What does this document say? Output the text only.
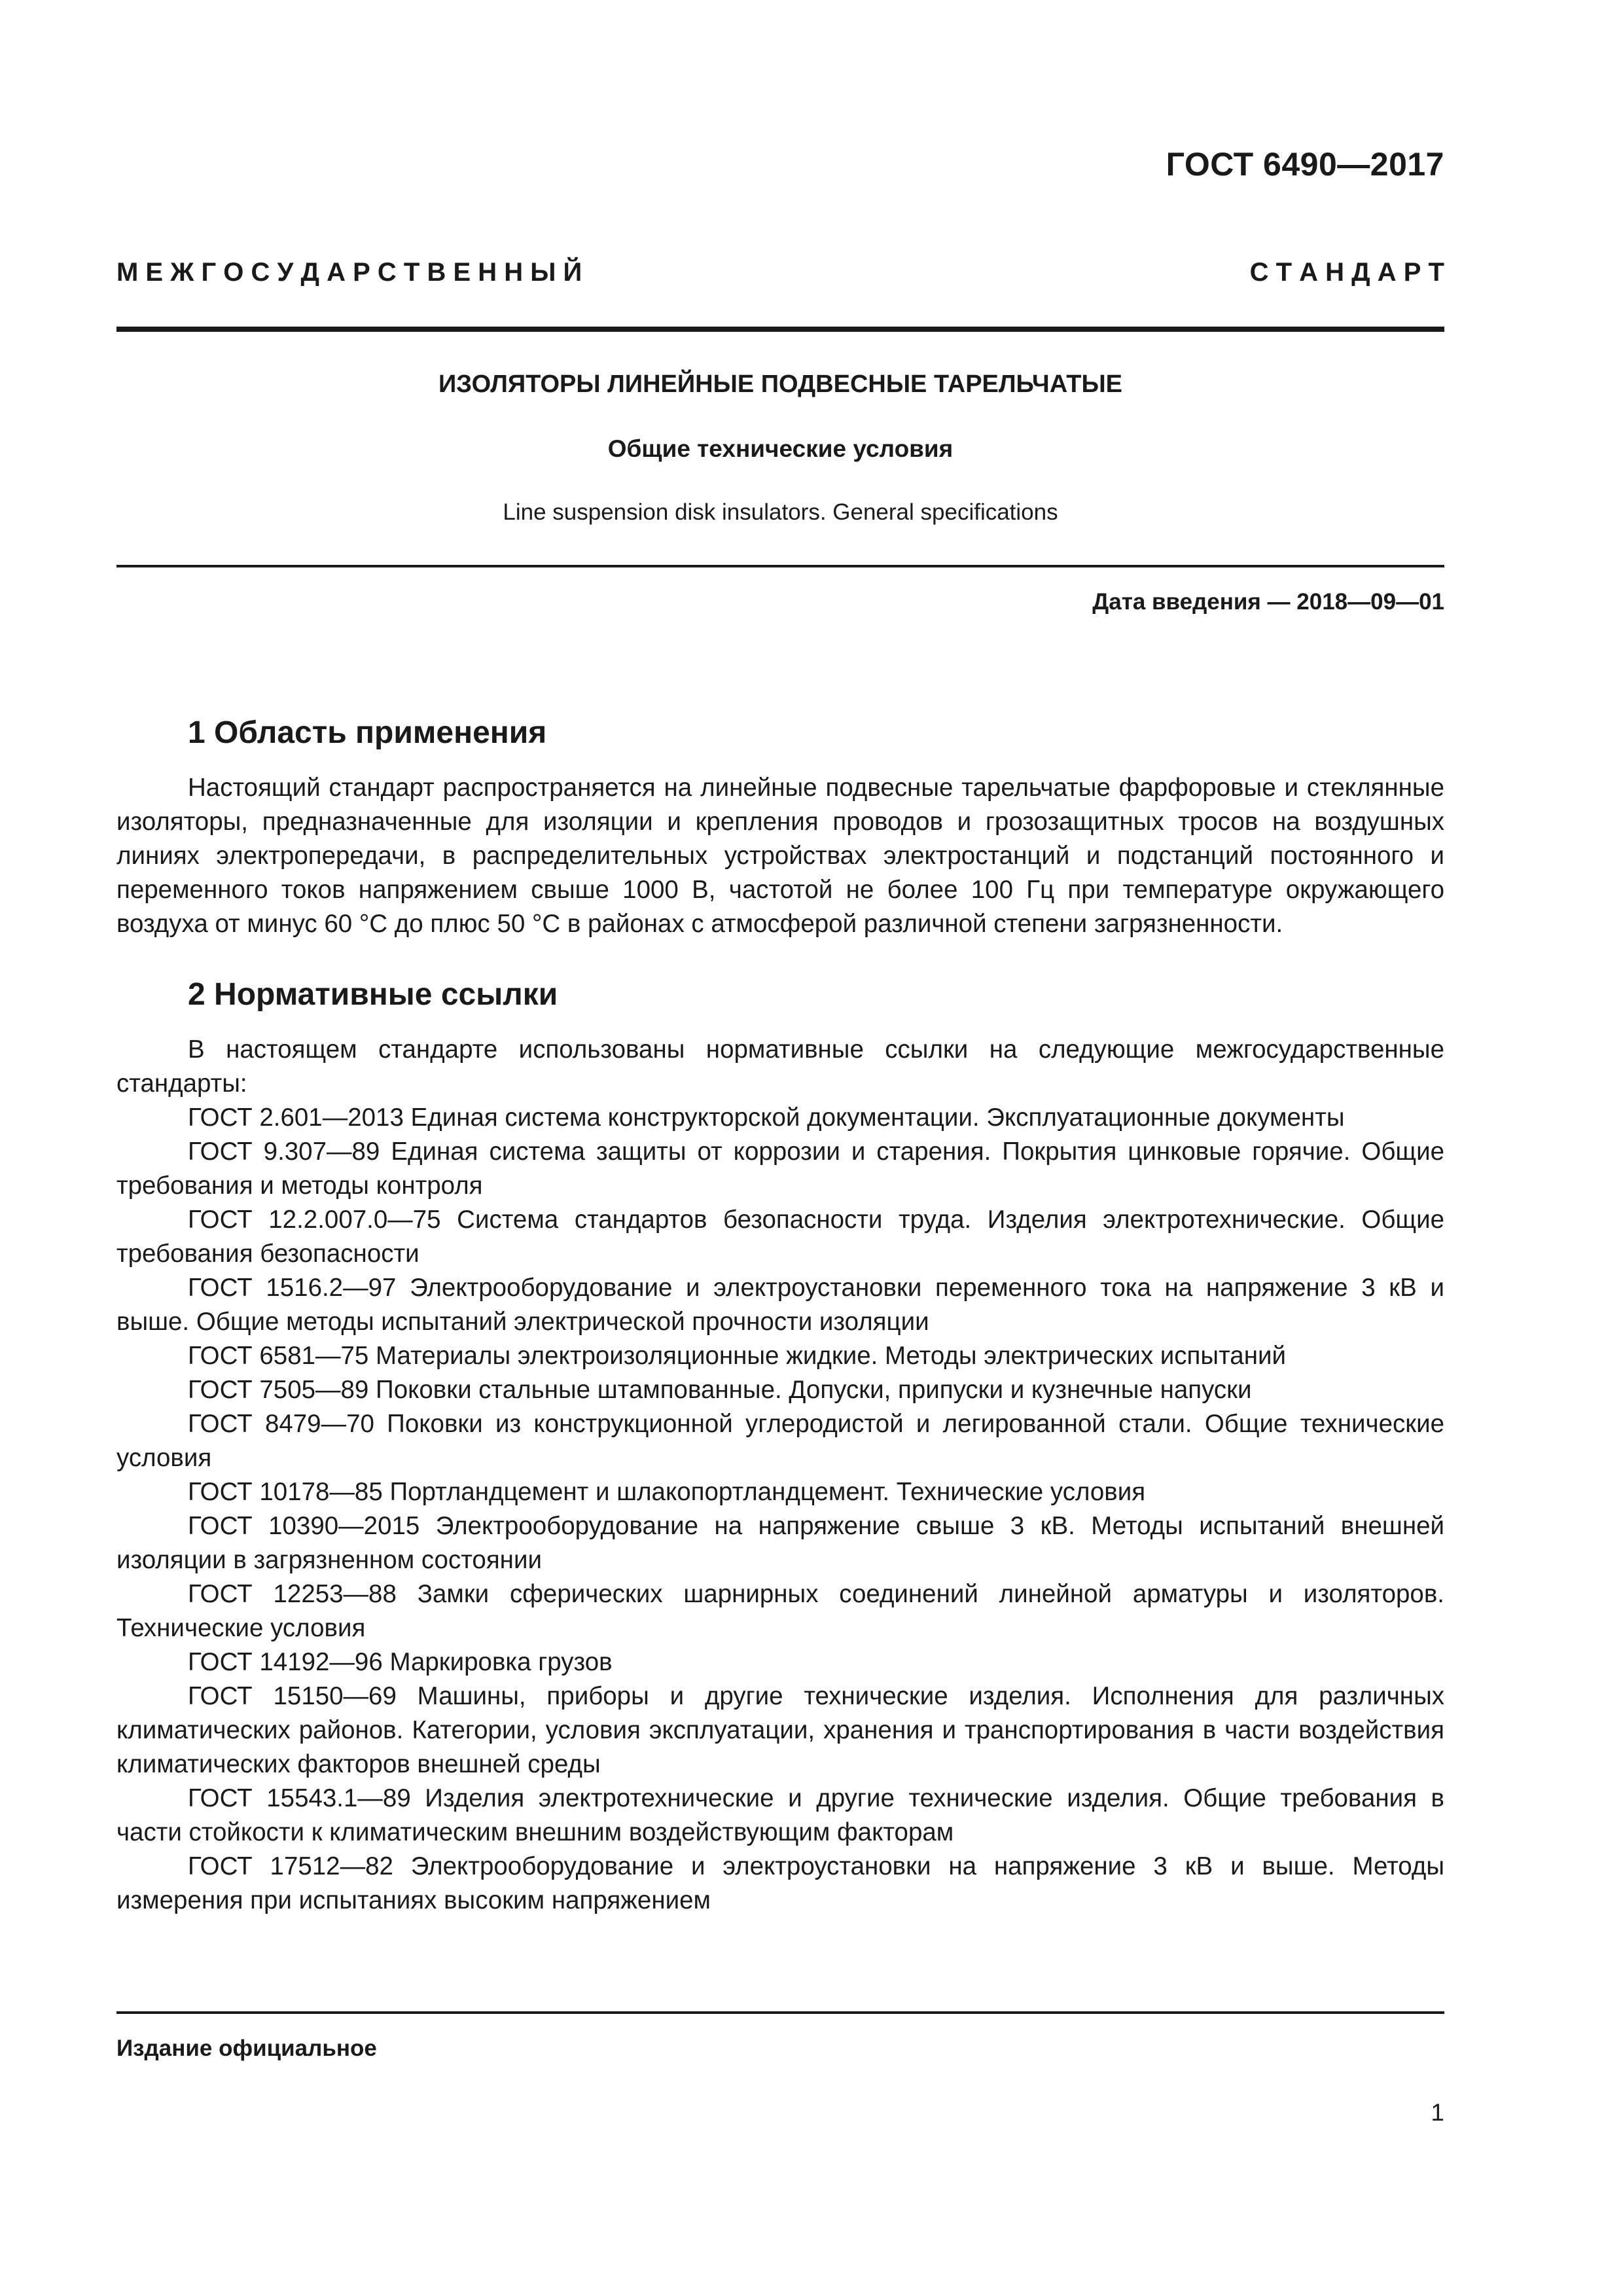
ГОСТ 6490—2017
М Е Ж Г О С У Д А Р С Т В Е Н Н Ы Й	С Т А Н Д А Р Т
ИЗОЛЯТОРЫ ЛИНЕЙНЫЕ ПОДВЕСНЫЕ ТАРЕЛЬЧАТЫЕ
Общие технические условия
Line suspension disk insulators. General specifications
Дата введения — 2018—09—01
1 Область применения

Настоящий стандарт распространяется на линейные подвесные тарельчатые фарфоровые и стеклянные изоляторы, предназначенные для изоляции и крепления проводов и грозозащитных тросов на воздушных линиях электропередачи, в распределительных устройствах электростанций и подстанций постоянного и переменного токов напряжением свыше 1000 В, частотой не более 100 Гц при температуре окружающего воздуха от минус 60 °С до плюс 50 °С в районах с атмосферой различной степени загрязненности.

2 Нормативные ссылки

В настоящем стандарте использованы нормативные ссылки на следующие межгосударственные стандарты:

ГОСТ 2.601—2013 Единая система конструкторской документации. Эксплуатационные документы

ГОСТ 9.307—89 Единая система защиты от коррозии и старения. Покрытия цинковые горячие. Общие требования и методы контроля

ГОСТ 12.2.007.0—75 Система стандартов безопасности труда. Изделия электротехнические. Общие требования безопасности

ГОСТ 1516.2—97 Электрооборудование и электроустановки переменного тока на напряжение 3 кВ и выше. Общие методы испытаний электрической прочности изоляции

ГОСТ 6581—75 Материалы электроизоляционные жидкие. Методы электрических испытаний

ГОСТ 7505—89 Поковки стальные штампованные. Допуски, припуски и кузнечные напуски

ГОСТ 8479—70 Поковки из конструкционной углеродистой и легированной стали. Общие технические условия

ГОСТ 10178—85 Портландцемент и шлакопортландцемент. Технические условия

ГОСТ 10390—2015 Электрооборудование на напряжение свыше 3 кВ. Методы испытаний внешней изоляции в загрязненном состоянии

ГОСТ 12253—88 Замки сферических шарнирных соединений линейной арматуры и изоляторов. Технические условия

ГОСТ 14192—96 Маркировка грузов

ГОСТ 15150—69 Машины, приборы и другие технические изделия. Исполнения для различных климатических районов. Категории, условия эксплуатации, хранения и транспортирования в части воздействия климатических факторов внешней среды

ГОСТ 15543.1—89 Изделия электротехнические и другие технические изделия. Общие требования в части стойкости к климатическим внешним воздействующим факторам

ГОСТ 17512—82 Электрооборудование и электроустановки на напряжение 3 кВ и выше. Методы измерения при испытаниях высоким напряжением

Издание официальное
1
